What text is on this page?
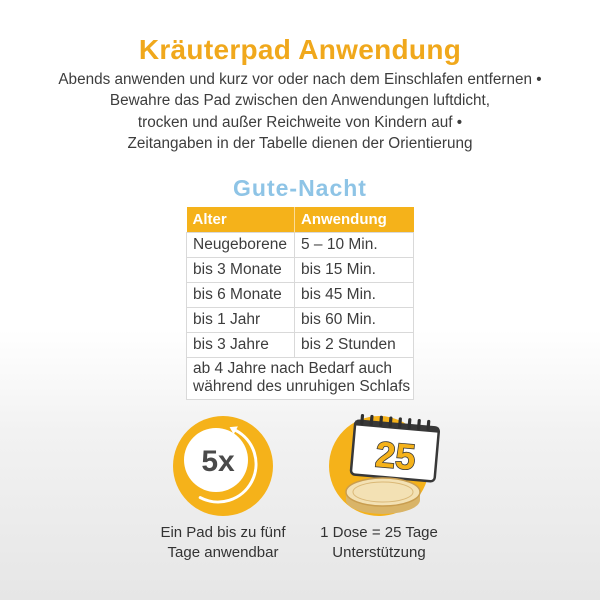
Kräuterpad Anwendung
Abends anwenden und kurz vor oder nach dem Einschlafen entfernen •
Bewahre das Pad zwischen den Anwendungen luftdicht,
trocken und außer Reichweite von Kindern auf •
Zeitangaben in der Tabelle dienen der Orientierung
Gute-Nacht
Alter	Anwendung
Neugeborene	5 – 10 Min.
bis 3 Monate	bis 15 Min.
bis 6 Monate	bis 45 Min.
bis 1 Jahr	bis 60 Min.
bis 3 Jahre	bis 2 Stunden

ab 4 Jahre nach Bedarf auch
während des unruhigen Schlafs	
5x
Ein Pad bis zu fünf
Tage anwendbar
25
1 Dose = 25 Tage
Unterstützung
